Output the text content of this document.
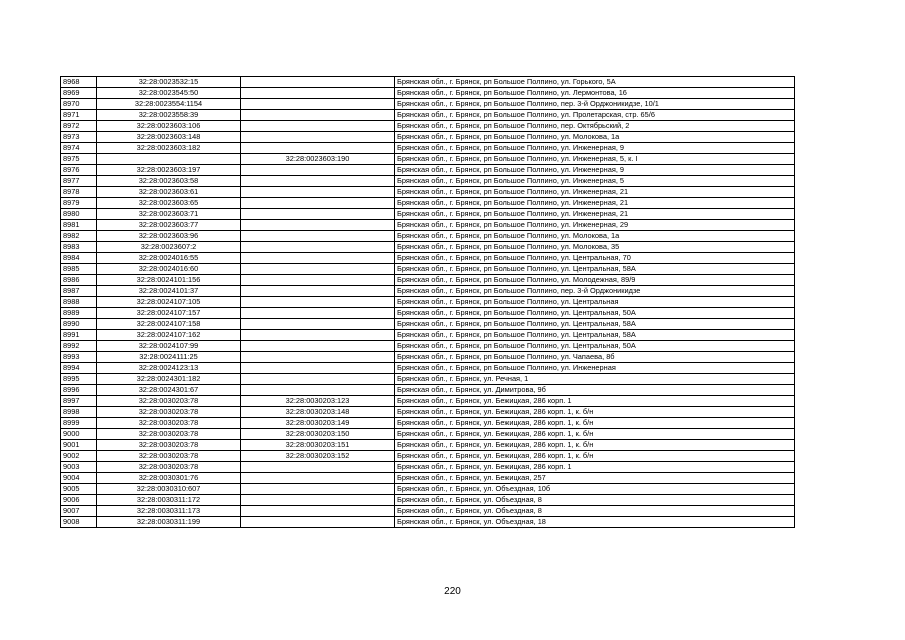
8968	32:28:0023532:15		Брянская обл., г. Брянск, рп Большое Полпино, ул. Горького, 5А
8969	32:28:0023545:50		Брянская обл., г. Брянск, рп Большое Полпино, ул. Лермонтова, 16
8970	32:28:0023554:1154		Брянская обл., г. Брянск, рп Большое Полпино, пер. 3-й Орджоникидзе, 10/1
8971	32:28:0023558:39		Брянская обл., г. Брянск, рп Большое Полпино, ул. Пролетарская, стр. 65/6
8972	32:28:0023603:106		Брянская обл., г. Брянск, рп Большое Полпино, пер. Октябрьский, 2
8973	32:28:0023603:148		Брянская обл., г. Брянск, рп Большое Полпино, ул. Молокова, 1а
8974	32:28:0023603:182		Брянская обл., г. Брянск, рп Большое Полпино, ул. Инженерная, 9
8975		32:28:0023603:190	Брянская обл., г. Брянск, рп Большое Полпино, ул. Инженерная, 5, к. I
8976	32:28:0023603:197		Брянская обл., г. Брянск, рп Большое Полпино, ул. Инженерная, 9
8977	32:28:0023603:58		Брянская обл., г. Брянск, рп Большое Полпино, ул. Инженерная, 5
8978	32:28:0023603:61		Брянская обл., г. Брянск, рп Большое Полпино, ул. Инженерная, 21
8979	32:28:0023603:65		Брянская обл., г. Брянск, рп Большое Полпино, ул. Инженерная, 21
8980	32:28:0023603:71		Брянская обл., г. Брянск, рп Большое Полпино, ул. Инженерная, 21
8981	32:28:0023603:77		Брянская обл., г. Брянск, рп Большое Полпино, ул. Инженерная, 29
8982	32:28:0023603:96		Брянская обл., г. Брянск, рп Большое Полпино, ул. Молокова, 1а
8983	32:28:0023607:2		Брянская обл., г. Брянск, рп Большое Полпино, ул. Молокова, 35
8984	32:28:0024016:55		Брянская обл., г. Брянск, рп Большое Полпино, ул. Центральная, 70
8985	32:28:0024016:60		Брянская обл., г. Брянск, рп Большое Полпино, ул. Центральная, 58А
8986	32:28:0024101:156		Брянская обл., г. Брянск, рп Большое Полпино, ул. Молодежная, 89/9
8987	32:28:0024101:37		Брянская обл., г. Брянск, рп Большое Полпино, пер. 3-й Орджоникидзе
8988	32:28:0024107:105		Брянская обл., г. Брянск, рп Большое Полпино, ул. Центральная
8989	32:28:0024107:157		Брянская обл., г. Брянск, рп Большое Полпино, ул. Центральная, 50А
8990	32:28:0024107:158		Брянская обл., г. Брянск, рп Большое Полпино, ул. Центральная, 58А
8991	32:28:0024107:162		Брянская обл., г. Брянск, рп Большое Полпино, ул. Центральная, 58А
8992	32:28:0024107:99		Брянская обл., г. Брянск, рп Большое Полпино, ул. Центральная, 50А
8993	32:28:0024111:25		Брянская обл., г. Брянск, рп Большое Полпино, ул. Чапаева, 8б
8994	32:28:0024123:13		Брянская обл., г. Брянск, рп Большое Полпино, ул. Инженерная
8995	32:28:0024301:182		Брянская обл., г. Брянск, ул. Речная, 1
8996	32:28:0024301:67		Брянская обл., г. Брянск, ул. Димитрова, 9б
8997	32:28:0030203:78	32:28:0030203:123	Брянская обл., г. Брянск, ул. Бежицкая, 286 корп. 1
8998	32:28:0030203:78	32:28:0030203:148	Брянская обл., г. Брянск, ул. Бежицкая, 286 корп. 1, к. б/н
8999	32:28:0030203:78	32:28:0030203:149	Брянская обл., г. Брянск, ул. Бежицкая, 286 корп. 1, к. б/н
9000	32:28:0030203:78	32:28:0030203:150	Брянская обл., г. Брянск, ул. Бежицкая, 286 корп. 1, к. б/н
9001	32:28:0030203:78	32:28:0030203:151	Брянская обл., г. Брянск, ул. Бежицкая, 286 корп. 1, к. б/н
9002	32:28:0030203:78	32:28:0030203:152	Брянская обл., г. Брянск, ул. Бежицкая, 286 корп. 1, к. б/н
9003	32:28:0030203:78		Брянская обл., г. Брянск, ул. Бежицкая, 286 корп. 1
9004	32:28:0030301:76		Брянская обл., г. Брянск, ул. Бежицкая, 257
9005	32:28:0030310:607		Брянская обл., г. Брянск, ул. Объездная, 10б
9006	32:28:0030311:172		Брянская обл., г. Брянск, ул. Объездная, 8
9007	32:28:0030311:173		Брянская обл., г. Брянск, ул. Объездная, 8
9008	32:28:0030311:199		Брянская обл., г. Брянск, ул. Объездная, 18
220
